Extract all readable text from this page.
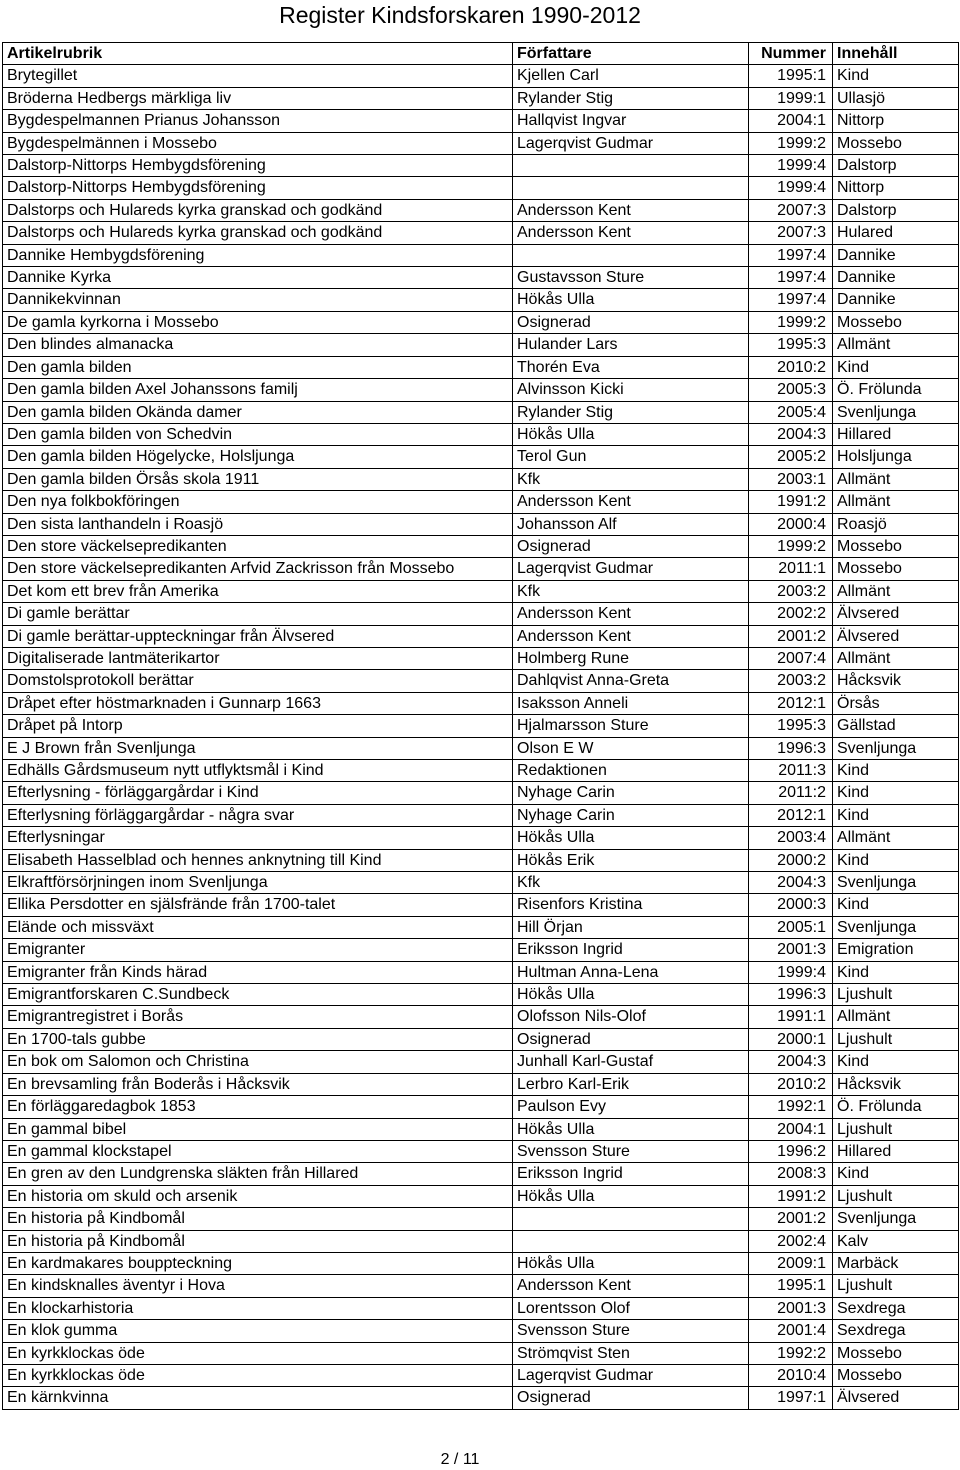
Register Kindsforskaren 1990-2012
Artikelrubrik	Författare	Nummer	Innehåll
Brytegillet	Kjellen Carl	1995:1	Kind
Bröderna Hedbergs märkliga liv	Rylander Stig	1999:1	Ullasjö
Bygdespelmannen Prianus Johansson	Hallqvist Ingvar	2004:1	Nittorp
Bygdespelmännen i Mossebo	Lagerqvist Gudmar	1999:2	Mossebo
Dalstorp-Nittorps Hembygdsförening		1999:4	Dalstorp
Dalstorp-Nittorps Hembygdsförening		1999:4	Nittorp
Dalstorps och Hulareds kyrka granskad och godkänd	Andersson Kent	2007:3	Dalstorp
Dalstorps och Hulareds kyrka granskad och godkänd	Andersson Kent	2007:3	Hulared
Dannike Hembygdsförening		1997:4	Dannike
Dannike Kyrka	Gustavsson Sture	1997:4	Dannike
Dannikekvinnan	Hökås Ulla	1997:4	Dannike
De gamla kyrkorna i Mossebo	Osignerad	1999:2	Mossebo
Den blindes almanacka	Hulander Lars	1995:3	Allmänt
Den gamla bilden	Thorén Eva	2010:2	Kind
Den gamla bilden Axel Johanssons familj	Alvinsson Kicki	2005:3	Ö. Frölunda
Den gamla bilden Okända damer	Rylander Stig	2005:4	Svenljunga
Den gamla bilden von Schedvin	Hökås Ulla	2004:3	Hillared
Den gamla bilden Högelycke, Holsljunga	Terol Gun	2005:2	Holsljunga
Den gamla bilden Örsås skola 1911	Kfk	2003:1	Allmänt
Den nya folkbokföringen	Andersson Kent	1991:2	Allmänt
Den sista lanthandeln i Roasjö	Johansson Alf	2000:4	Roasjö
Den store väckelsepredikanten	Osignerad	1999:2	Mossebo
Den store väckelsepredikanten Arfvid Zackrisson från Mossebo	Lagerqvist Gudmar	2011:1	Mossebo
Det kom ett brev från Amerika	Kfk	2003:2	Allmänt
Di gamle berättar	Andersson Kent	2002:2	Älvsered
Di gamle berättar-uppteckningar från Älvsered	Andersson Kent	2001:2	Älvsered
Digitaliserade lantmäterikartor	Holmberg Rune	2007:4	Allmänt
Domstolsprotokoll berättar	Dahlqvist Anna-Greta	2003:2	Håcksvik
Dråpet efter höstmarknaden i Gunnarp 1663	Isaksson Anneli	2012:1	Örsås
Dråpet på Intorp	Hjalmarsson Sture	1995:3	Gällstad
E J Brown från Svenljunga	Olson E W	1996:3	Svenljunga
Edhälls Gårdsmuseum nytt utflyktsmål i Kind	Redaktionen	2011:3	Kind
Efterlysning - förläggargårdar i Kind	Nyhage Carin	2011:2	Kind
Efterlysning förläggargårdar - några svar	Nyhage Carin	2012:1	Kind
Efterlysningar	Hökås Ulla	2003:4	Allmänt
Elisabeth Hasselblad och hennes anknytning till Kind	Hökås Erik	2000:2	Kind
Elkraftförsörjningen inom Svenljunga	Kfk	2004:3	Svenljunga
Ellika Persdotter en själsfrände från 1700-talet	Risenfors Kristina	2000:3	Kind
Elände och missväxt	Hill Örjan	2005:1	Svenljunga
Emigranter	Eriksson Ingrid	2001:3	Emigration
Emigranter från Kinds härad	Hultman Anna-Lena	1999:4	Kind
Emigrantforskaren C.Sundbeck	Hökås Ulla	1996:3	Ljushult
Emigrantregistret i Borås	Olofsson Nils-Olof	1991:1	Allmänt
En 1700-tals gubbe	Osignerad	2000:1	Ljushult
En bok om Salomon och Christina	Junhall Karl-Gustaf	2004:3	Kind
En brevsamling från Boderås i Håcksvik	Lerbro Karl-Erik	2010:2	Håcksvik
En förläggaredagbok 1853	Paulson Evy	1992:1	Ö. Frölunda
En gammal bibel	Hökås Ulla	2004:1	Ljushult
En gammal klockstapel	Svensson Sture	1996:2	Hillared
En gren av den Lundgrenska släkten från Hillared	Eriksson Ingrid	2008:3	Kind
En historia om skuld och arsenik	Hökås Ulla	1991:2	Ljushult
En historia på Kindbomål		2001:2	Svenljunga
En historia på Kindbomål		2002:4	Kalv
En kardmakares bouppteckning	Hökås Ulla	2009:1	Marbäck
En kindsknalles äventyr i Hova	Andersson Kent	1995:1	Ljushult
En klockarhistoria	Lorentsson Olof	2001:3	Sexdrega
En klok gumma	Svensson Sture	2001:4	Sexdrega
En kyrkklockas öde	Strömqvist Sten	1992:2	Mossebo
En kyrkklockas öde	Lagerqvist Gudmar	2010:4	Mossebo
En kärnkvinna	Osignerad	1997:1	Älvsered
2 / 11
